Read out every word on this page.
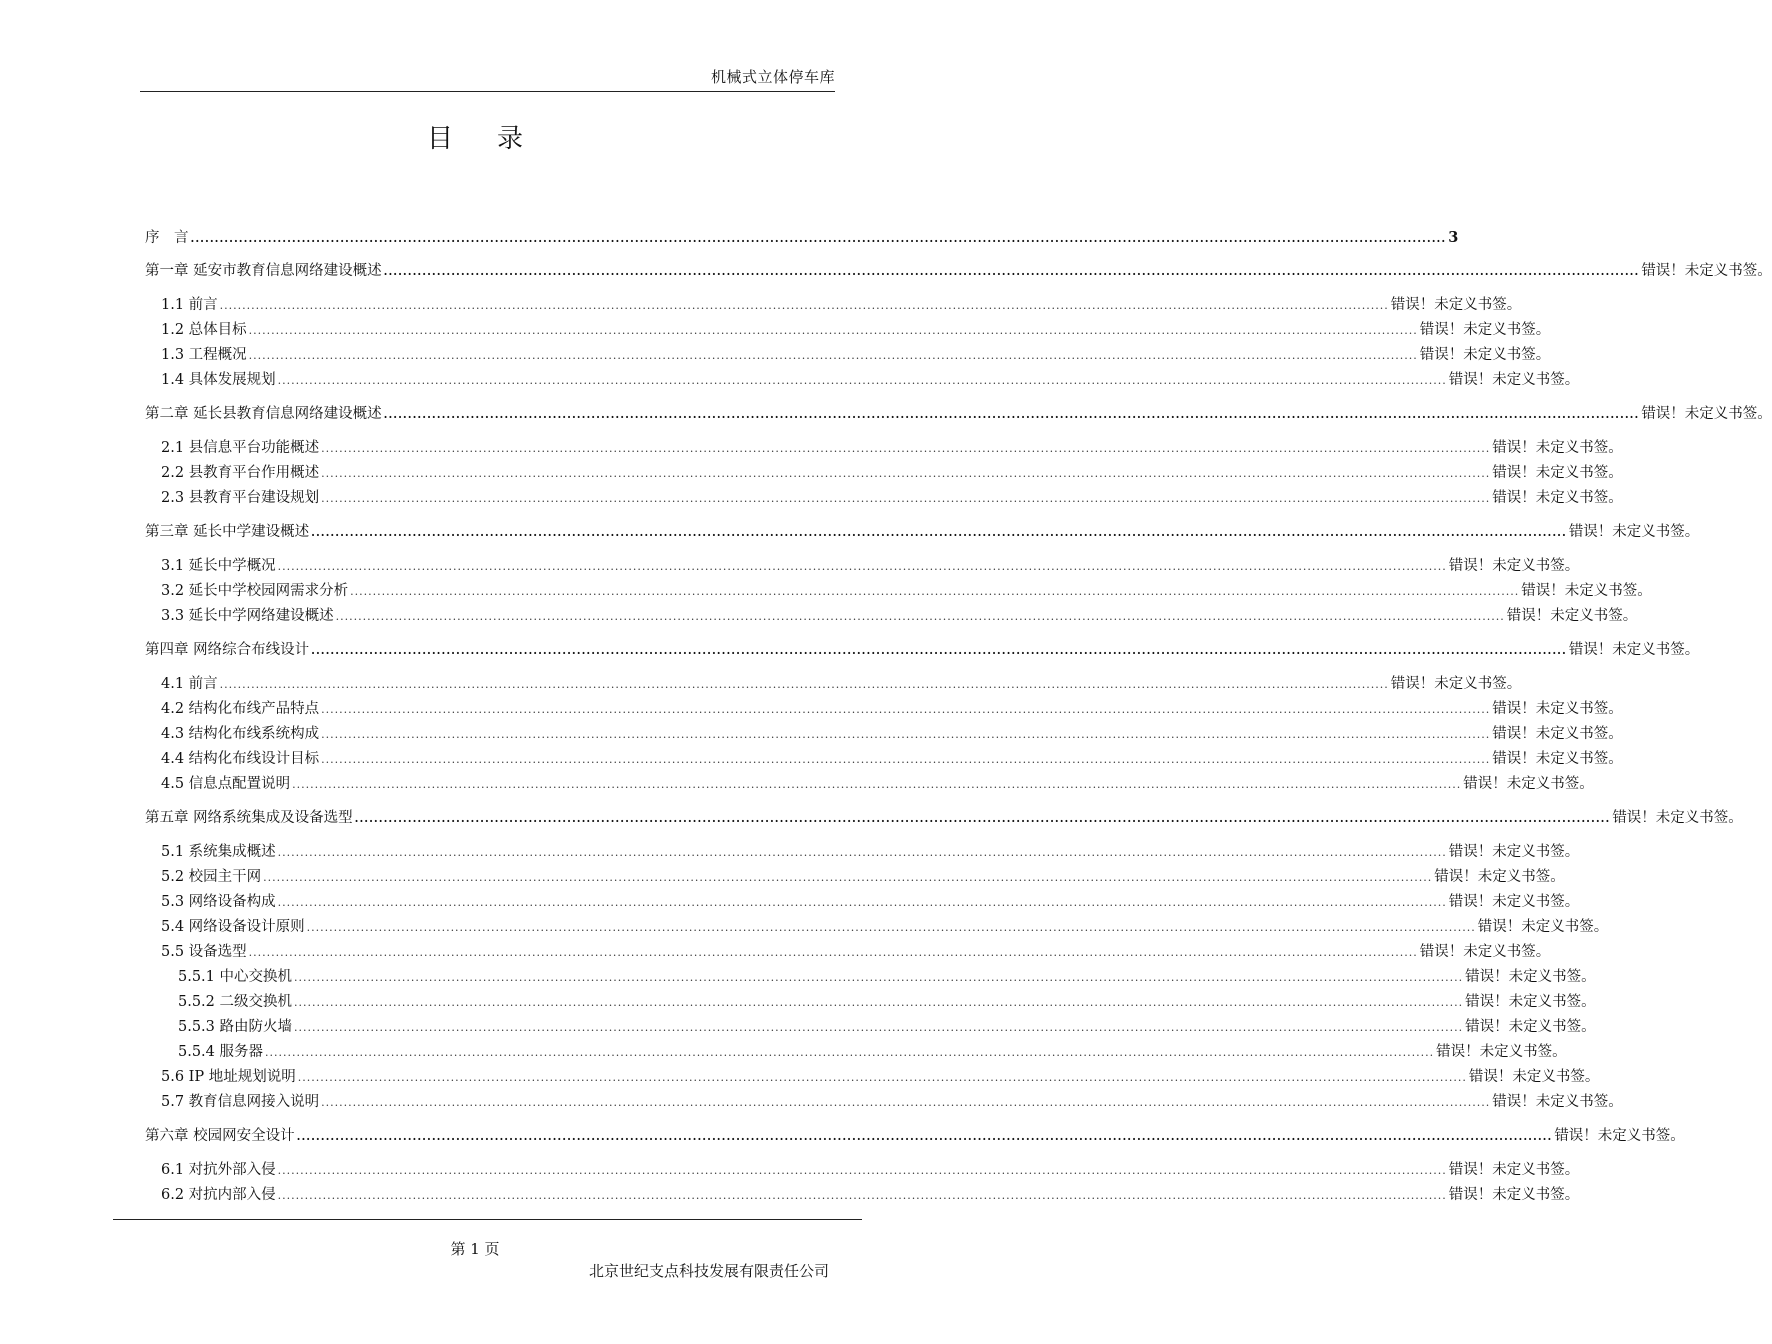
机械式立体停车库
目 录
序　言 .................................................................................................................................................................................................................................................................... 3
第一章 延安市教育信息网络建设概述 .................................................................................................................................................................................................................................................................... 错误！未定义书签。
1.1 前言 .................................................................................................................................................................................................................................................................... 错误！未定义书签。
1.2 总体目标 .................................................................................................................................................................................................................................................................... 错误！未定义书签。
1.3 工程概况 .................................................................................................................................................................................................................................................................... 错误！未定义书签。
1.4 具体发展规划 .................................................................................................................................................................................................................................................................... 错误！未定义书签。
第二章 延长县教育信息网络建设概述 .................................................................................................................................................................................................................................................................... 错误！未定义书签。
2.1 县信息平台功能概述 .................................................................................................................................................................................................................................................................... 错误！未定义书签。
2.2 县教育平台作用概述 .................................................................................................................................................................................................................................................................... 错误！未定义书签。
2.3 县教育平台建设规划 .................................................................................................................................................................................................................................................................... 错误！未定义书签。
第三章 延长中学建设概述 .................................................................................................................................................................................................................................................................... 错误！未定义书签。
3.1 延长中学概况 .................................................................................................................................................................................................................................................................... 错误！未定义书签。
3.2 延长中学校园网需求分析 .................................................................................................................................................................................................................................................................... 错误！未定义书签。
3.3 延长中学网络建设概述 .................................................................................................................................................................................................................................................................... 错误！未定义书签。
第四章 网络综合布线设计 .................................................................................................................................................................................................................................................................... 错误！未定义书签。
4.1 前言 .................................................................................................................................................................................................................................................................... 错误！未定义书签。
4.2 结构化布线产品特点 .................................................................................................................................................................................................................................................................... 错误！未定义书签。
4.3 结构化布线系统构成 .................................................................................................................................................................................................................................................................... 错误！未定义书签。
4.4 结构化布线设计目标 .................................................................................................................................................................................................................................................................... 错误！未定义书签。
4.5 信息点配置说明 .................................................................................................................................................................................................................................................................... 错误！未定义书签。
第五章 网络系统集成及设备选型 .................................................................................................................................................................................................................................................................... 错误！未定义书签。
5.1 系统集成概述 .................................................................................................................................................................................................................................................................... 错误！未定义书签。
5.2 校园主干网 .................................................................................................................................................................................................................................................................... 错误！未定义书签。
5.3 网络设备构成 .................................................................................................................................................................................................................................................................... 错误！未定义书签。
5.4 网络设备设计原则 .................................................................................................................................................................................................................................................................... 错误！未定义书签。
5.5 设备选型 .................................................................................................................................................................................................................................................................... 错误！未定义书签。
5.5.1 中心交换机 .................................................................................................................................................................................................................................................................... 错误！未定义书签。
5.5.2 二级交换机 .................................................................................................................................................................................................................................................................... 错误！未定义书签。
5.5.3 路由防火墙 .................................................................................................................................................................................................................................................................... 错误！未定义书签。
5.5.4 服务器 .................................................................................................................................................................................................................................................................... 错误！未定义书签。
5.6 IP 地址规划说明 .................................................................................................................................................................................................................................................................... 错误！未定义书签。
5.7 教育信息网接入说明 .................................................................................................................................................................................................................................................................... 错误！未定义书签。
第六章 校园网安全设计 .................................................................................................................................................................................................................................................................... 错误！未定义书签。
6.1 对抗外部入侵 .................................................................................................................................................................................................................................................................... 错误！未定义书签。
6.2 对抗内部入侵 .................................................................................................................................................................................................................................................................... 错误！未定义书签。
第 1 页
北京世纪支点科技发展有限责任公司
